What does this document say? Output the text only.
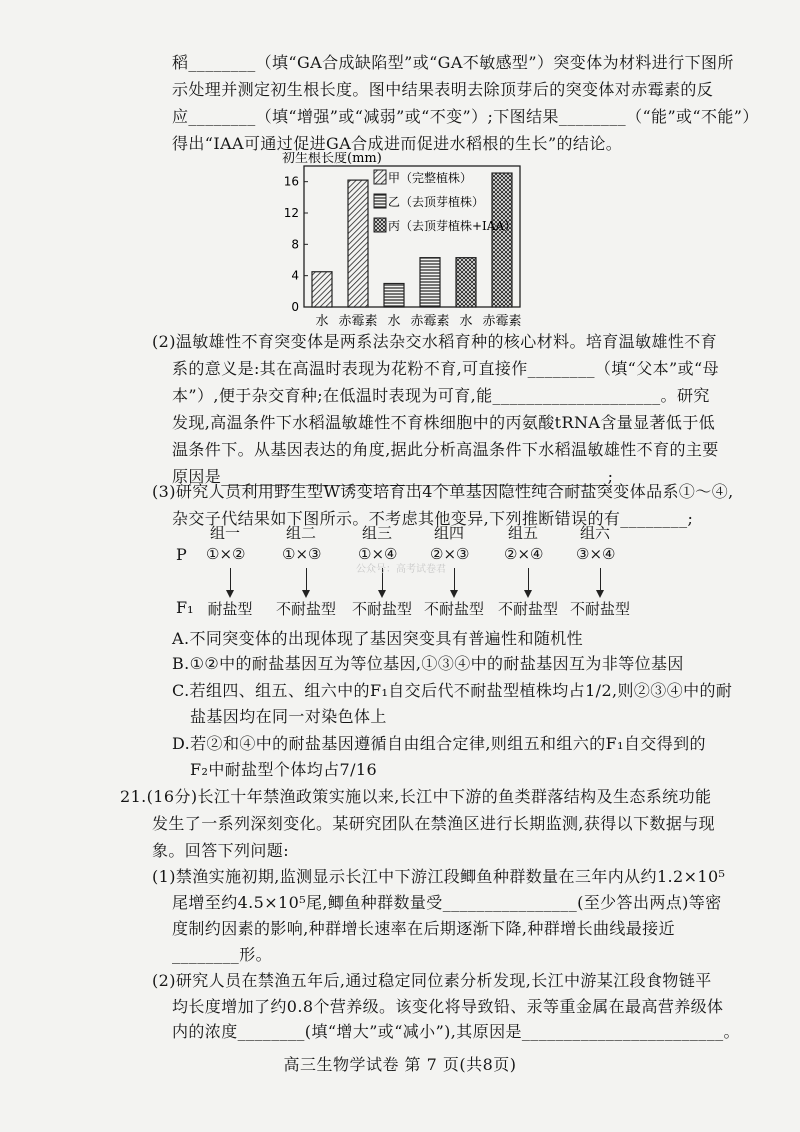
稻________（填“GA合成缺陷型”或“GA不敏感型”）突变体为材料进行下图所
示处理并测定初生根长度。图中结果表明去除顶芽后的突变体对赤霉素的反
应________（填“增强”或“减弱”或“不变”）;下图结果________（“能”或“不能”）
得出“IAA可通过促进GA合成进而促进水稻根的生长”的结论。
初生根长度(mm)
0
4
8
12
16
水 赤霉素 水 赤霉素 水 赤霉素
甲（完整植株）
乙（去顶芽植株）
丙（去顶芽植株+IAA）
(2)温敏雄性不育突变体是两系法杂交水稻育种的核心材料。培育温敏雄性不育
系的意义是:其在高温时表现为花粉不育,可直接作________（填“父本”或“母
本”）,便于杂交育种;在低温时表现为可育,能____________________。研究
发现,高温条件下水稻温敏雄性不育株细胞中的丙氨酸tRNA含量显著低于低
温条件下。从基因表达的角度,据此分析高温条件下水稻温敏雄性不育的主要
原因是______________________________________________;
(3)研究人员利用野生型W诱变培育出4个单基因隐性纯合耐盐突变体品系①～④,
杂交子代结果如下图所示。不考虑其他变异,下列推断错误的有________;
P
F₁
组一
①×②
耐盐型
组二
①×③
不耐盐型
组三
①×④
不耐盐型
组四
②×③
不耐盐型
组五
②×④
不耐盐型
组六
③×④
不耐盐型
公众号：高考试卷君
A.不同突变体的出现体现了基因突变具有普遍性和随机性
B.①②中的耐盐基因互为等位基因,①③④中的耐盐基因互为非等位基因
C.若组四、组五、组六中的F₁自交后代不耐盐型植株均占1/2,则②③④中的耐
盐基因均在同一对染色体上
D.若②和④中的耐盐基因遵循自由组合定律,则组五和组六的F₁自交得到的
F₂中耐盐型个体均占7/16
21.(16分)长江十年禁渔政策实施以来,长江中下游的鱼类群落结构及生态系统功能
发生了一系列深刻变化。某研究团队在禁渔区进行长期监测,获得以下数据与现
象。回答下列问题:
(1)禁渔实施初期,监测显示长江中下游江段鲫鱼种群数量在三年内从约1.2×10⁵
尾增至约4.5×10⁵尾,鲫鱼种群数量受________________(至少答出两点)等密
度制约因素的影响,种群增长速率在后期逐渐下降,种群增长曲线最接近
________形。
(2)研究人员在禁渔五年后,通过稳定同位素分析发现,长江中游某江段食物链平
均长度增加了约0.8个营养级。该变化将导致铅、汞等重金属在最高营养级体
内的浓度________(填“增大”或“减小”),其原因是________________________。
高三生物学试卷 第 7 页(共8页)
